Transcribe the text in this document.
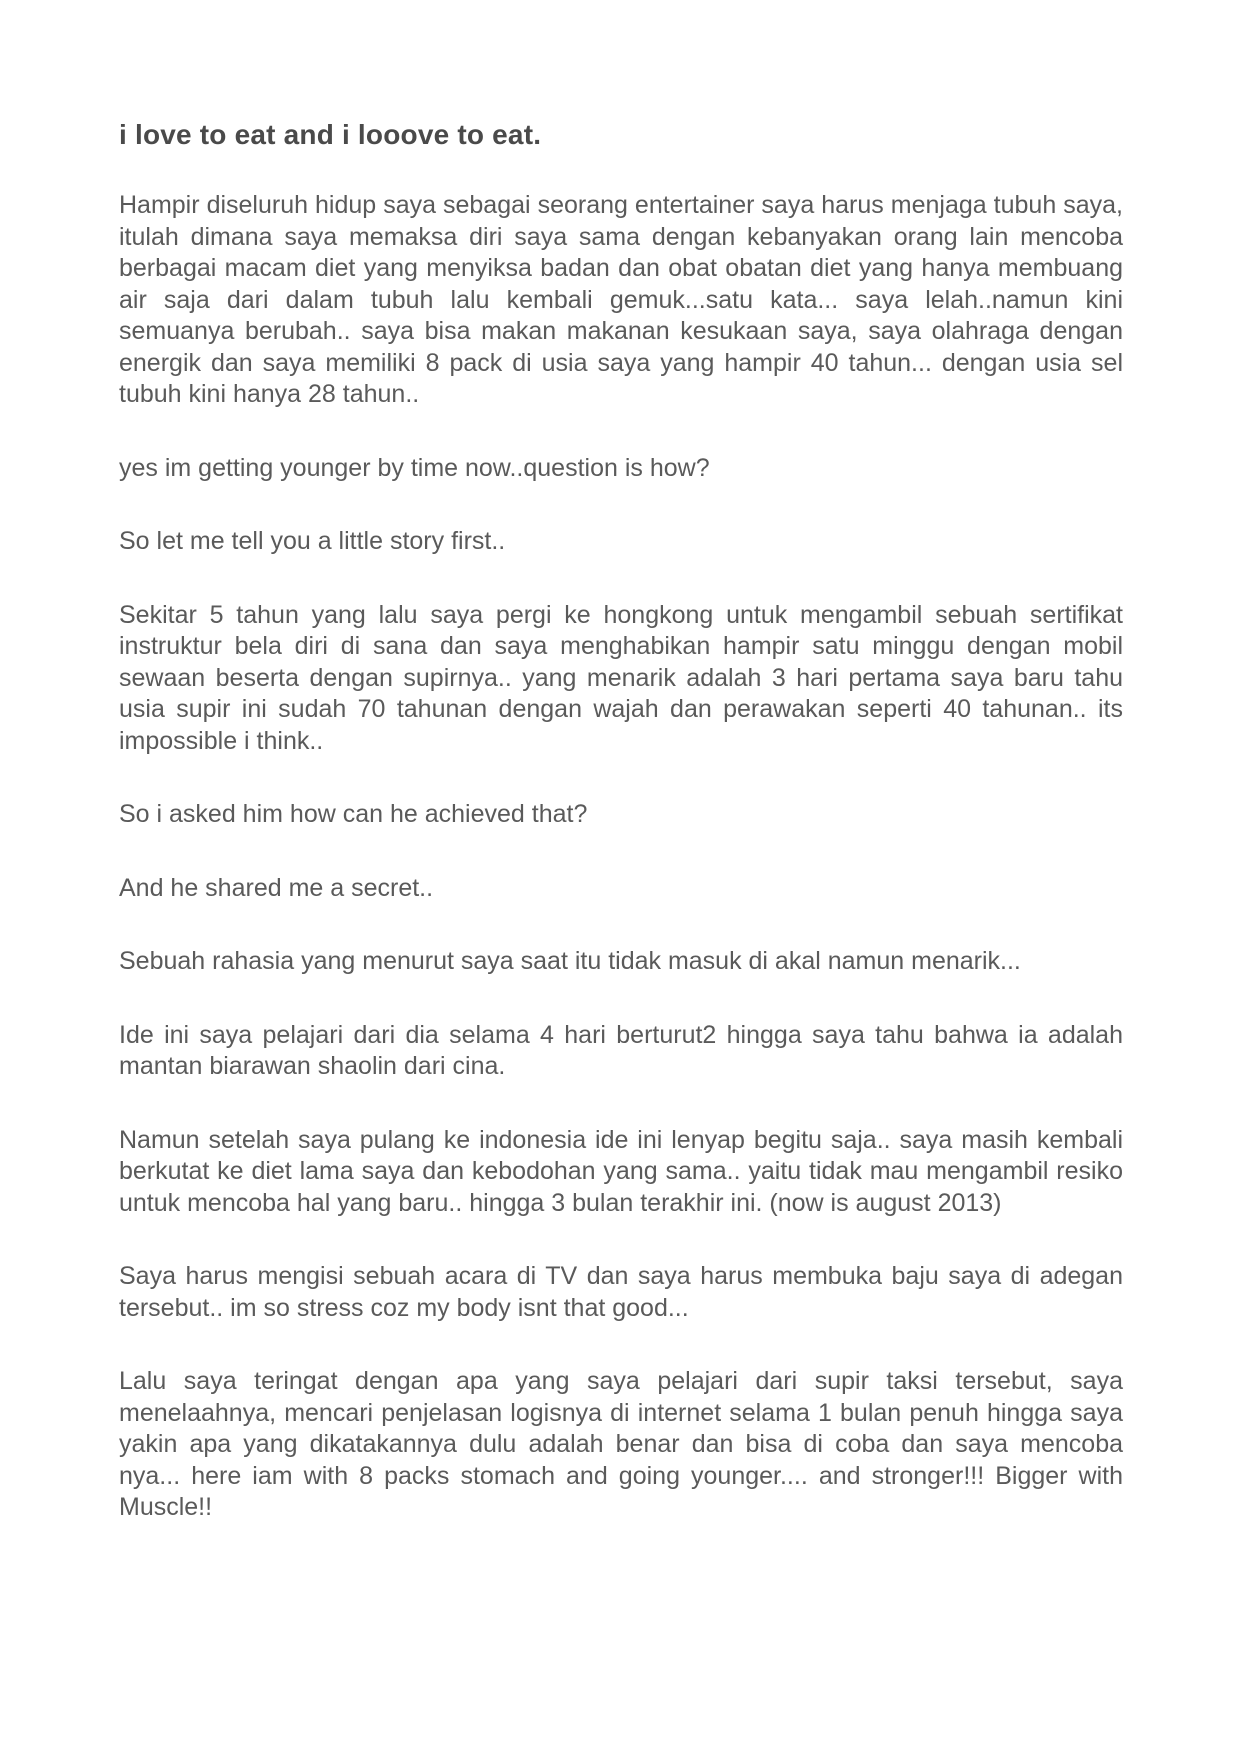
i love to eat and i looove to eat.

Hampir diseluruh hidup saya sebagai seorang entertainer saya harus menjaga tubuh saya, itulah dimana saya memaksa diri saya sama dengan kebanyakan orang lain mencoba berbagai macam diet yang menyiksa badan dan obat obatan diet yang hanya membuang air saja dari dalam tubuh lalu kembali gemuk...satu kata... saya lelah..namun kini semuanya berubah.. saya bisa makan makanan kesukaan saya, saya olahraga dengan energik dan saya memiliki 8 pack di usia saya yang hampir 40 tahun... dengan usia sel tubuh kini hanya 28 tahun..

yes im getting younger by time now..question is how?

So let me tell you a little story first..

Sekitar 5 tahun yang lalu saya pergi ke hongkong untuk mengambil sebuah sertifikat instruktur bela diri di sana dan saya menghabikan hampir satu minggu dengan mobil sewaan beserta dengan supirnya.. yang menarik adalah 3 hari pertama saya baru tahu usia supir ini sudah 70 tahunan dengan wajah dan perawakan seperti 40 tahunan.. its impossible i think..

So i asked him how can he achieved that?

And he shared me a secret..

Sebuah rahasia yang menurut saya saat itu tidak masuk di akal namun menarik...

Ide ini saya pelajari dari dia selama 4 hari berturut2 hingga saya tahu bahwa ia adalah mantan biarawan shaolin dari cina.

Namun setelah saya pulang ke indonesia ide ini lenyap begitu saja.. saya masih kembali berkutat ke diet lama saya dan kebodohan yang sama.. yaitu tidak mau mengambil resiko untuk mencoba hal yang baru.. hingga 3 bulan terakhir ini. (now is august 2013)

Saya harus mengisi sebuah acara di TV dan saya harus membuka baju saya di adegan tersebut.. im so stress coz my body isnt that good...

Lalu saya teringat dengan apa yang saya pelajari dari supir taksi tersebut, saya menelaahnya, mencari penjelasan logisnya di internet selama 1 bulan penuh hingga saya yakin apa yang dikatakannya dulu adalah benar dan bisa di coba dan saya mencoba nya... here iam with 8 packs stomach and going younger.... and stronger!!! Bigger with Muscle!!
